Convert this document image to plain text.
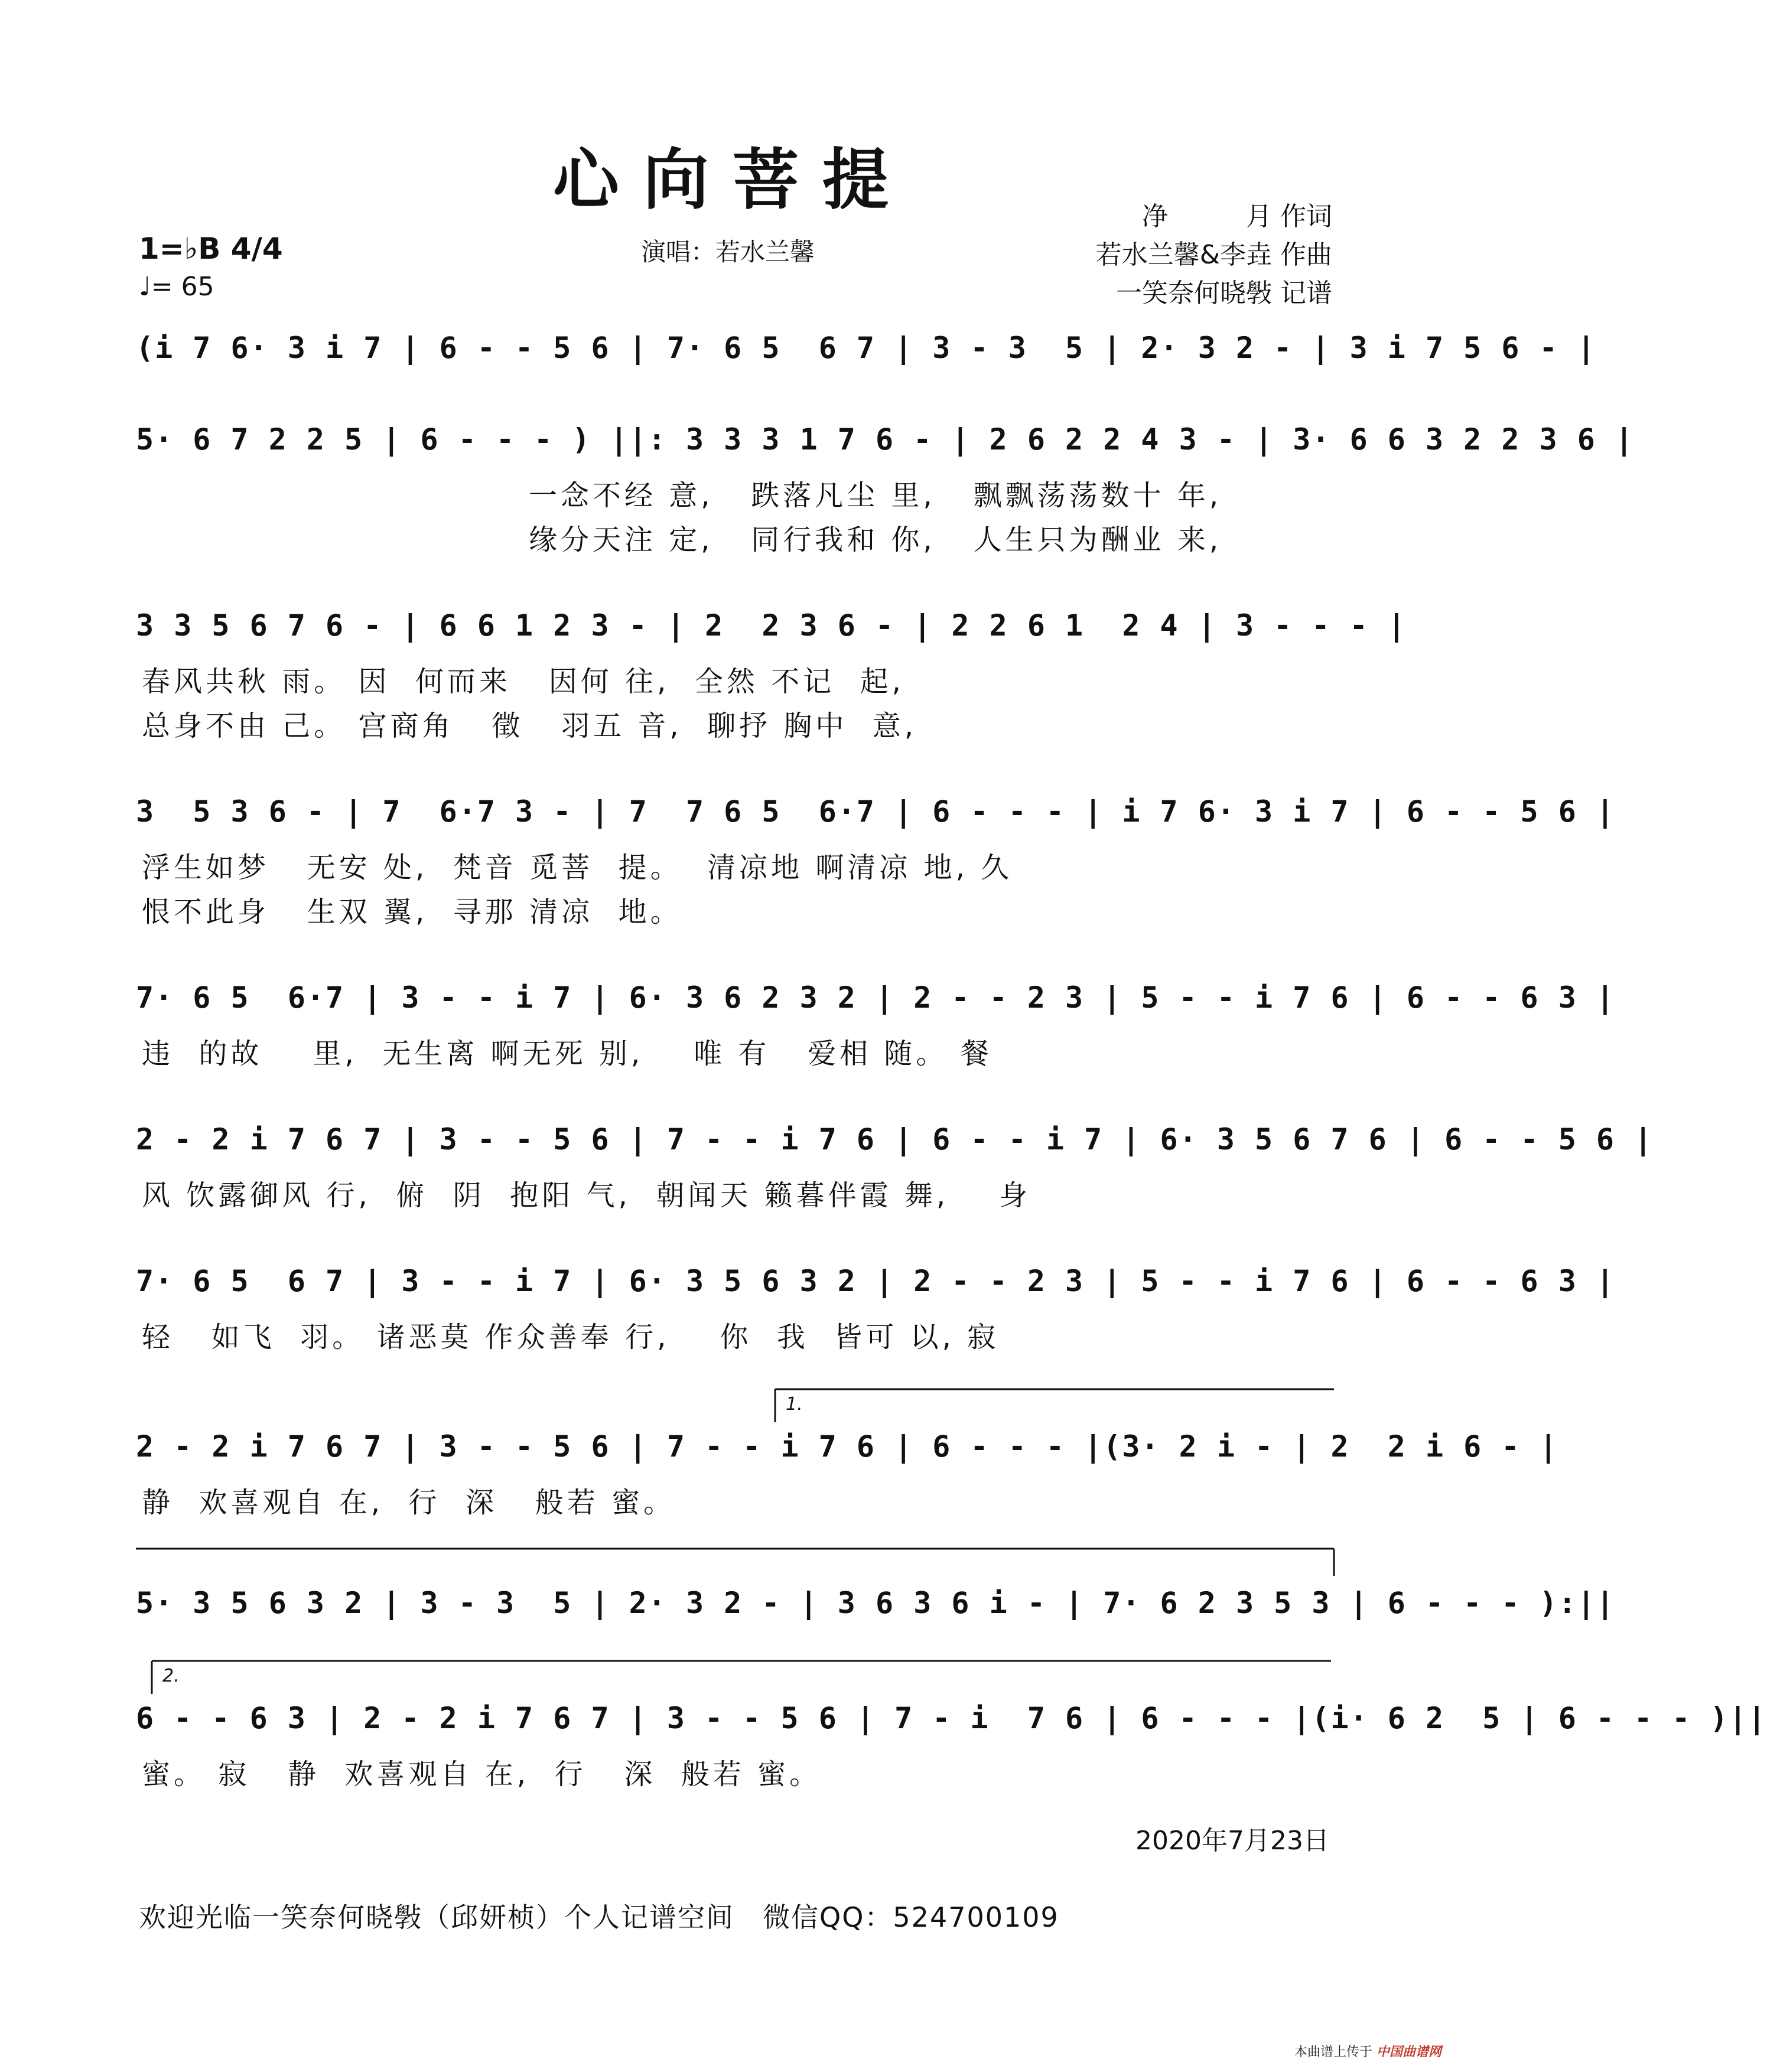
心向菩提
1=♭B 4/4
♩= 65
演唱：若水兰馨
净　　　月 作词
若水兰馨&李垚 作曲
一笑奈何晓斅 记谱
(i 7 6· 3 i 7 | 6 - - 5 6 | 7· 6 5  6 7 | 3 - 3  5 | 2· 3 2 - | 3 i 7 5 6 - |
5· 6 7 2 2 5 | 6 - - - ) ||: 3 3 3 1 7 6 - | 2 6 2 2 4 3 - | 3· 6 6 3 2 2 3 6 |
一念不经 意,   跌落凡尘 里,   飘飘荡荡数十 年,
缘分天注 定,   同行我和 你,   人生只为酬业 来,
3 3 5 6 7 6 - | 6 6 1 2 3 - | 2  2 3 6 - | 2 2 6 1  2 4 | 3 - - - |
春风共秋 雨。 因  何而来   因何 往,  全然 不记  起,
总身不由 己。 宫商角   徵   羽五 音,  聊抒 胸中  意,
3  5 3 6 - | 7  6·7 3 - | 7  7 6 5  6·7 | 6 - - - | i 7 6· 3 i 7 | 6 - - 5 6 |
浮生如梦   无安 处,  梵音 觅菩  提。  清凉地 啊清凉 地, 久
恨不此身   生双 翼,  寻那 清凉  地。
7· 6 5  6·7 | 3 - - i 7 | 6· 3 6 2 3 2 | 2 - - 2 3 | 5 - - i 7 6 | 6 - - 6 3 |
违  的故    里,  无生离 啊无死 别,    唯 有   爱相 随。 餐
2 - 2 i 7 6 7 | 3 - - 5 6 | 7 - - i 7 6 | 6 - - i 7 | 6· 3 5 6 7 6 | 6 - - 5 6 |
风 饮露御风 行,  俯  阴  抱阳 气,  朝闻天 籁暮伴霞 舞,    身
7· 6 5  6 7 | 3 - - i 7 | 6· 3 5 6 3 2 | 2 - - 2 3 | 5 - - i 7 6 | 6 - - 6 3 |
轻   如飞  羽。 诸恶莫 作众善奉 行,    你  我  皆可 以, 寂
1.
2 - 2 i 7 6 7 | 3 - - 5 6 | 7 - - i 7 6 | 6 - - - |(3· 2 i - | 2  2 i 6 - |
静  欢喜观自 在,  行  深   般若 蜜。
5· 3 5 6 3 2 | 3 - 3  5 | 2· 3 2 - | 3 6 3 6 i - | 7· 6 2 3 5 3 | 6 - - - ):||
2.
6 - - 6 3 | 2 - 2 i 7 6 7 | 3 - - 5 6 | 7 - i  7 6 | 6 - - - |(i· 6 2  5 | 6 - - - )||
蜜。 寂   静  欢喜观自 在,  行   深  般若 蜜。
2020年7月23日
欢迎光临一笑奈何晓斅（邱妍桢）个人记谱空间　微信QQ：524700109
本曲谱上传于 中国曲谱网
